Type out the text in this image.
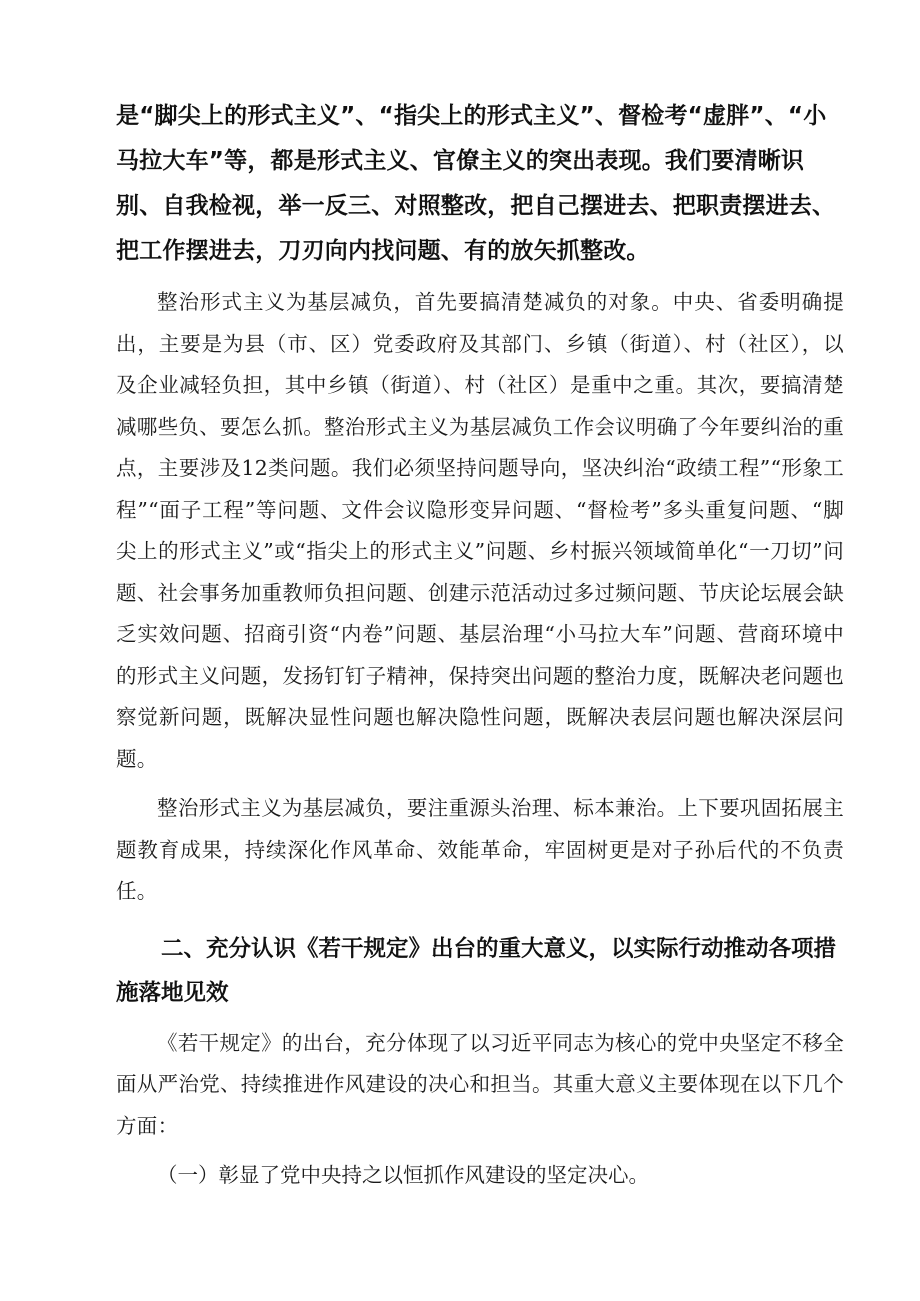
是“脚尖上的形式主义”、“指尖上的形式主义”、督检考“虚胖”、“小马拉大车”等，都是形式主义、官僚主义的突出表现。我们要清晰识别、自我检视，举一反三、对照整改，把自己摆进去、把职责摆进去、把工作摆进去，刀刃向内找问题、有的放矢抓整改。

整治形式主义为基层减负，首先要搞清楚减负的对象。中央、省委明确提出，主要是为县（市、区）党委政府及其部门、乡镇（街道）、村（社区），以及企业减轻负担，其中乡镇（街道）、村（社区）是重中之重。其次，要搞清楚减哪些负、要怎么抓。整治形式主义为基层减负工作会议明确了今年要纠治的重点，主要涉及12类问题。我们必须坚持问题导向，坚决纠治“政绩工程”“形象工程”“面子工程”等问题、文件会议隐形变异问题、“督检考”多头重复问题、“脚尖上的形式主义”或“指尖上的形式主义”问题、乡村振兴领域简单化“一刀切”问题、社会事务加重教师负担问题、创建示范活动过多过频问题、节庆论坛展会缺乏实效问题、招商引资“内卷”问题、基层治理“小马拉大车”问题、营商环境中的形式主义问题，发扬钉钉子精神，保持突出问题的整治力度，既解决老问题也察觉新问题，既解决显性问题也解决隐性问题，既解决表层问题也解决深层问题。

整治形式主义为基层减负，要注重源头治理、标本兼治。上下要巩固拓展主题教育成果，持续深化作风革命、效能革命，牢固树更是对子孙后代的不负责任。

二、充分认识《若干规定》出台的重大意义，以实际行动推动各项措施落地见效

《若干规定》的出台，充分体现了以习近平同志为核心的党中央坚定不移全面从严治党、持续推进作风建设的决心和担当。其重大意义主要体现在以下几个方面：

（一）彰显了党中央持之以恒抓作风建设的坚定决心。
